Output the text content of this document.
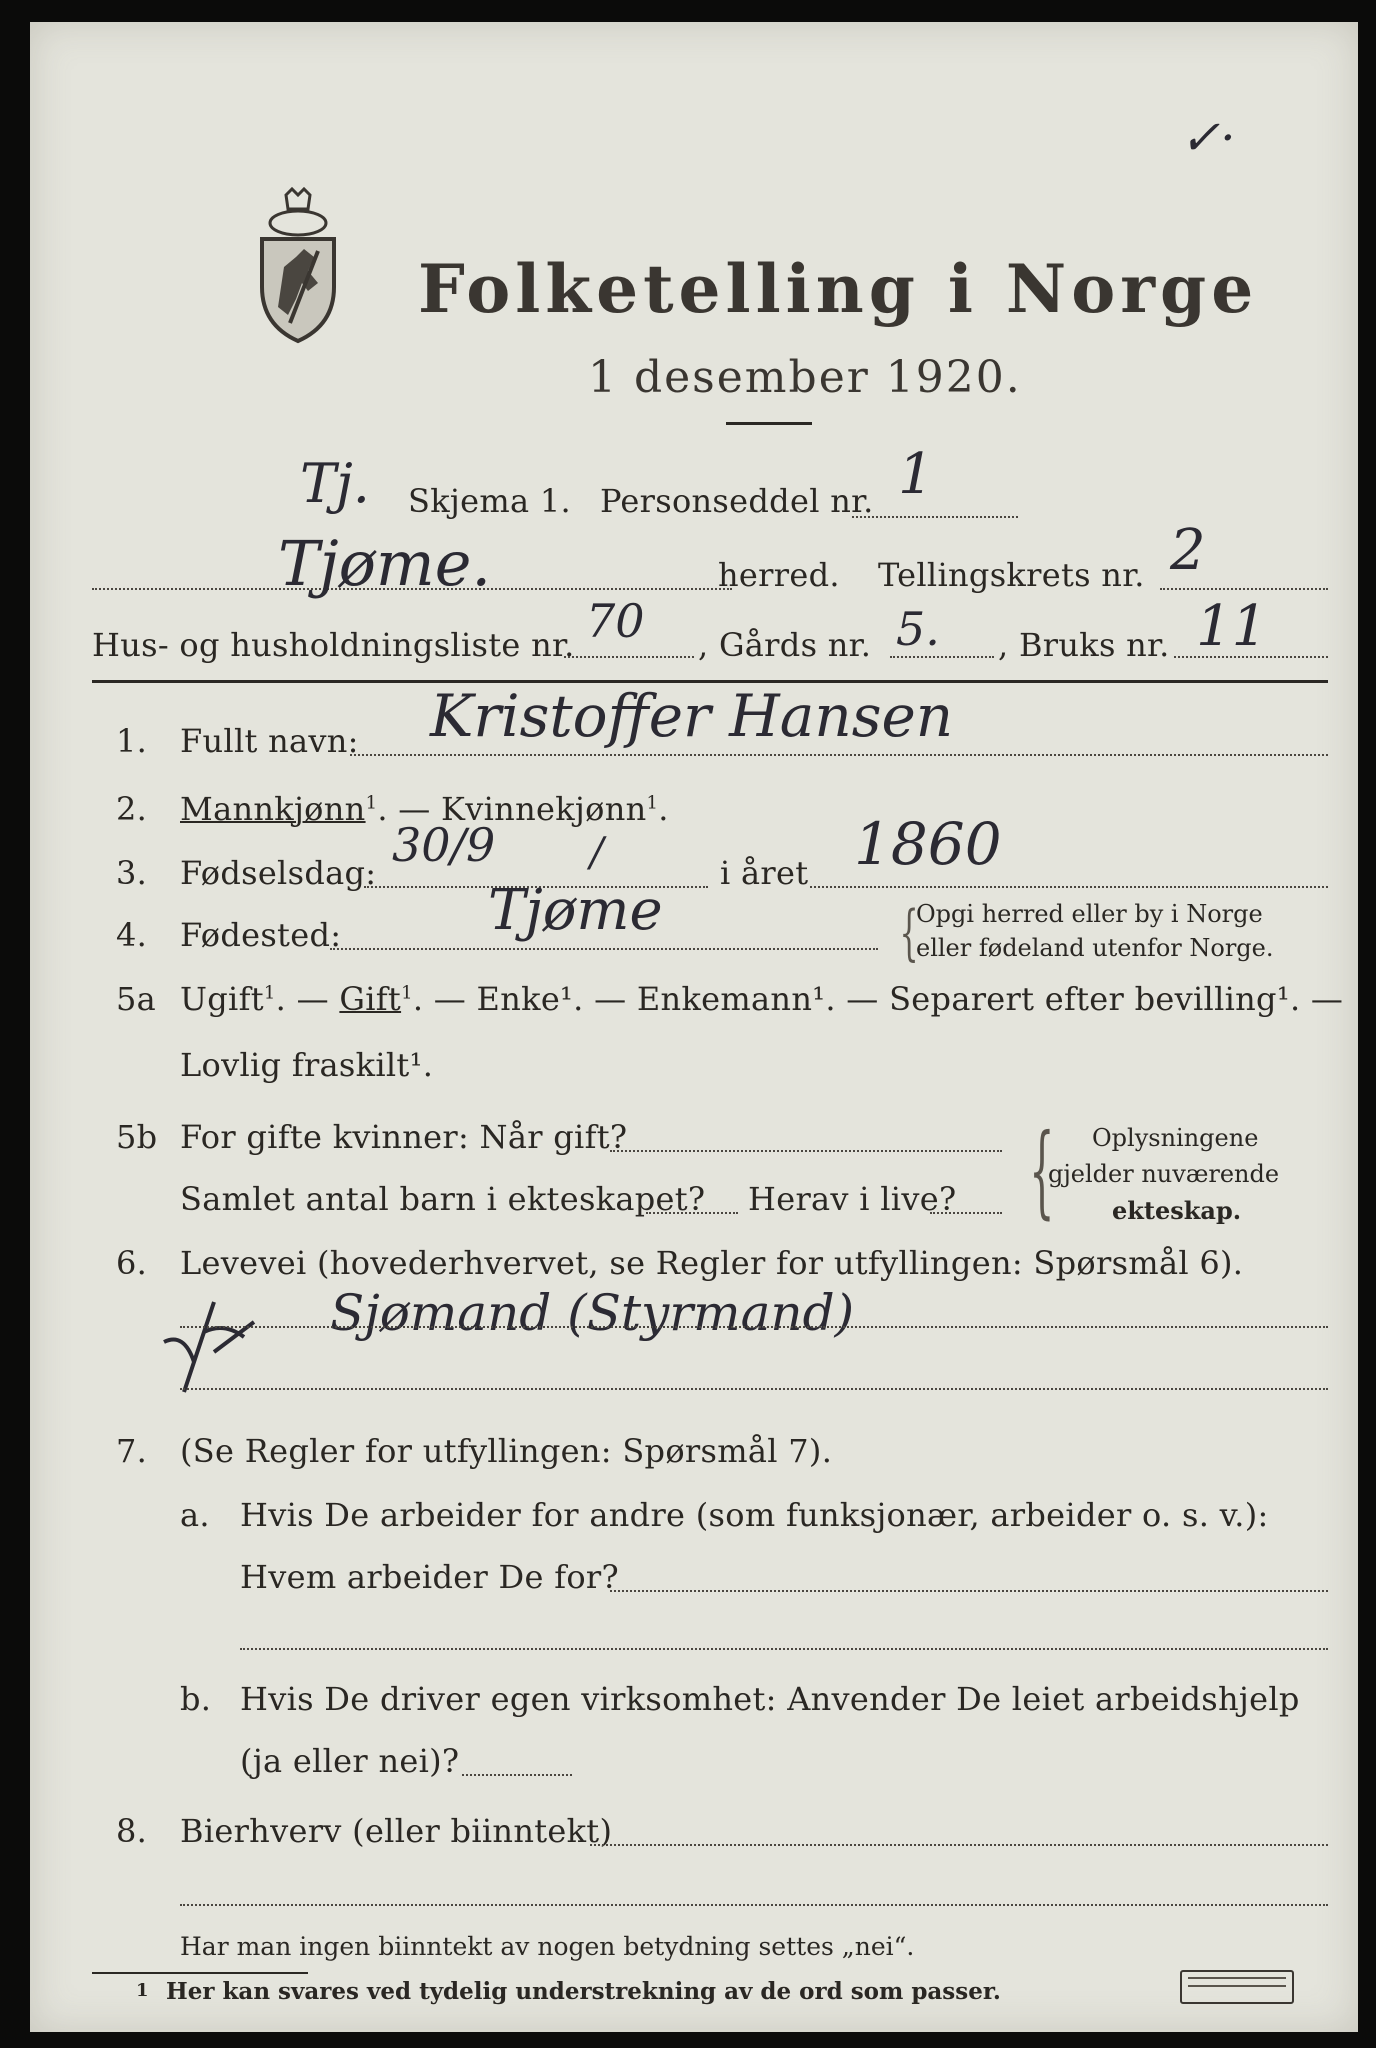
Folketelling i Norge
1 desember 1920.
✓·
Tj. Skjema 1. Personseddel nr. 1
Tjøme.	herred. Tellingskrets nr. 2
Hus- og husholdningsliste nr. 70 , Gårds nr. 5. , Bruks nr. 11
1. Fullt navn: Kristoffer Hansen
2. Mannkjønn$^1$. — Kvinnekjønn$^1$.
3. Fødselsdag:
30/9 /	i året 1860
4. Fødested:	Tjøme	{
Opgi herred eller by i Norge
eller fødeland utenfor Norge.
5a Ugift$^1$. — Gift$^1$. — Enke¹. — Enkemann¹. — Separert efter bevilling¹. —
Lovlig fraskilt¹.
5b For gifte kvinner: Når gift?
Samlet antal barn i ekteskapet? Herav i live? { Oplysningene
gjelder nuværende
ekteskap.
6. Levevei (hovederhvervet, se Regler for utfyllingen: Spørsmål 6).
Sjømand (Styrmand)
7. (Se Regler for utfyllingen: Spørsmål 7).
a. Hvis De arbeider for andre (som funksjonær, arbeider o. s. v.):
Hvem arbeider De for?
b. Hvis De driver egen virksomhet: Anvender De leiet arbeidshjelp
(ja eller nei)?
8. Bierhverv (eller biinntekt)
Har man ingen biinntekt av nogen betydning settes „nei“.
1 Her kan svares ved tydelig understrekning av de ord som passer.
